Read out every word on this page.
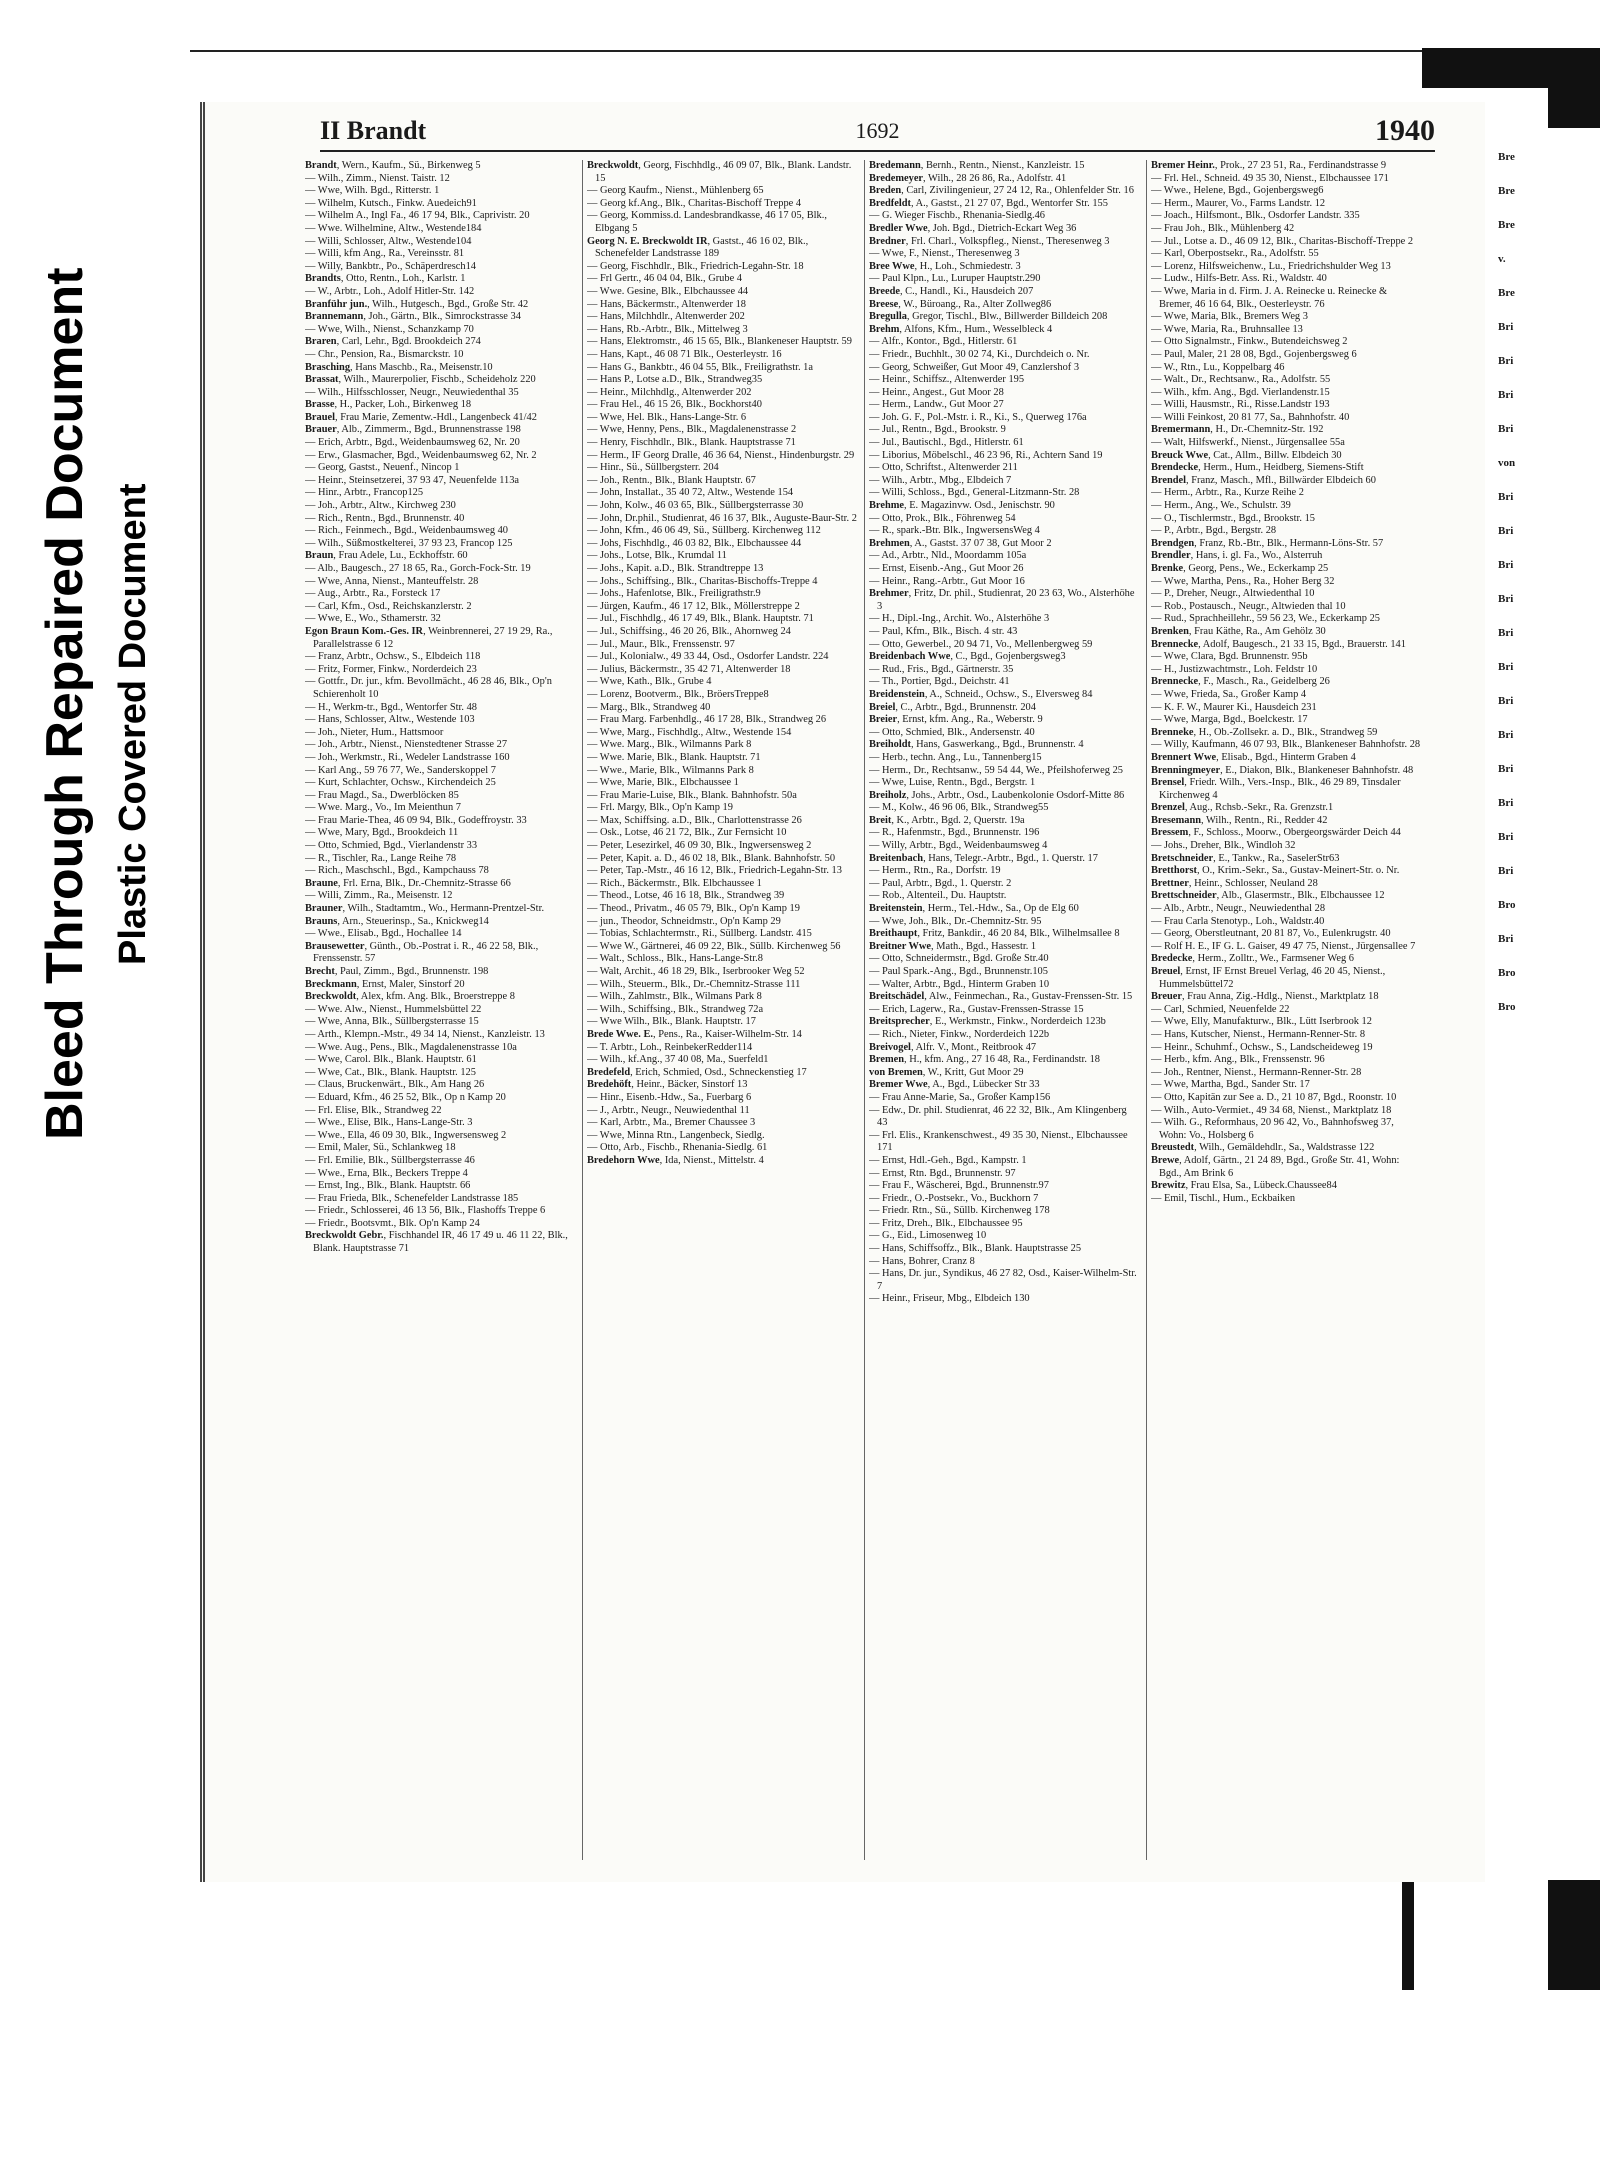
Bleed Through Repaired Document Plastic Covered Document
II Brandt	1692	1940

Brandt, Wern., Kaufm., Sü., Birkenweg 5

— Wilh., Zimm., Nienst. Taistr. 12

— Wwe, Wilh. Bgd., Ritterstr. 1

— Wilhelm, Kutsch., Finkw. Auedeich91

— Wilhelm A., Ingl Fa., 46 17 94, Blk., Caprivistr. 20

— Wwe. Wilhelmine, Altw., Westende184

— Willi, Schlosser, Altw., Westende104

— Willi, kfm Ang., Ra., Vereinsstr. 81

— Willy, Bankbtr., Po., Schäperdresch14

Brandts, Otto, Rentn., Loh., Karlstr. 1

— W., Arbtr., Loh., Adolf Hitler-Str. 142

Branführ jun., Wilh., Hutgesch., Bgd., Große Str. 42

Brannemann, Joh., Gärtn., Blk., Simrockstrasse 34

— Wwe, Wilh., Nienst., Schanzkamp 70

Braren, Carl, Lehr., Bgd. Brookdeich 274

— Chr., Pension, Ra., Bismarckstr. 10

Brasching, Hans Maschb., Ra., Meisenstr.10

Brassat, Wilh., Maurerpolier, Fischb., Scheideholz 220

— Wilh., Hilfsschlosser, Neugr., Neuwiedenthal 35

Brasse, H., Packer, Loh., Birkenweg 18

Brauel, Frau Marie, Zementw.-Hdl., Langenbeck 41/42

Brauer, Alb., Zimmerm., Bgd., Brunnenstrasse 198

— Erich, Arbtr., Bgd., Weidenbaumsweg 62, Nr. 20

— Erw., Glasmacher, Bgd., Weidenbaumsweg 62, Nr. 2

— Georg, Gastst., Neuenf., Nincop 1

— Heinr., Steinsetzerei, 37 93 47, Neuenfelde 113a

— Hinr., Arbtr., Francop125

— Joh., Arbtr., Altw., Kirchweg 230

— Rich., Rentn., Bgd., Brunnenstr. 40

— Rich., Feinmech., Bgd., Weidenbaumsweg 40

— Wilh., Süßmostkelterei, 37 93 23, Francop 125

Braun, Frau Adele, Lu., Eckhoffstr. 60

— Alb., Baugesch., 27 18 65, Ra., Gorch-Fock-Str. 19

— Wwe, Anna, Nienst., Manteuffelstr. 28

— Aug., Arbtr., Ra., Forsteck 17

— Carl, Kfm., Osd., Reichskanzlerstr. 2

— Wwe, E., Wo., Sthamerstr. 32

Egon Braun Kom.-Ges. IR, Weinbrennerei, 27 19 29, Ra., Parallelstrasse 6 12

— Franz, Arbtr., Ochsw., S., Elbdeich 118

— Fritz, Former, Finkw., Norderdeich 23

— Gottfr., Dr. jur., kfm. Bevollmächt., 46 28 46, Blk., Op'n Schierenholt 10

— H., Werkm-tr., Bgd., Wentorfer Str. 48

— Hans, Schlosser, Altw., Westende 103

— Joh., Nieter, Hum., Hattsmoor

— Joh., Arbtr., Nienst., Nienstedtener Strasse 27

— Joh., Werkmstr., Ri., Wedeler Landstrasse 160

— Karl Ang., 59 76 77, We., Sanderskoppel 7

— Kurt, Schlachter, Ochsw., Kirchendeich 25

— Frau Magd., Sa., Dwerblöcken 85

— Wwe. Marg., Vo., Im Meienthun 7

— Frau Marie-Thea, 46 09 94, Blk., Godeffroystr. 33

— Wwe, Mary, Bgd., Brookdeich 11

— Otto, Schmied, Bgd., Vierlandenstr 33

— R., Tischler, Ra., Lange Reihe 78

— Rich., Maschschl., Bgd., Kampchauss 78

Braune, Frl. Erna, Blk., Dr.-Chemnitz-Strasse 66

— Willi, Zimm., Ra., Meisenstr. 12

Brauner, Wilh., Stadtamtm., Wo., Hermann-Prentzel-Str.

Brauns, Arn., Steuerinsp., Sa., Knickweg14

— Wwe., Elisab., Bgd., Hochallee 14

Brausewetter, Günth., Ob.-Postrat i. R., 46 22 58, Blk., Frenssenstr. 57

Brecht, Paul, Zimm., Bgd., Brunnenstr. 198

Breckmann, Ernst, Maler, Sinstorf 20

Breckwoldt, Alex, kfm. Ang. Blk., Broerstreppe 8

— Wwe. Alw., Nienst., Hummelsbüttel 22

— Wwe, Anna, Blk., Süllbergsterrasse 15

— Arth., Klempn.-Mstr., 49 34 14, Nienst., Kanzleistr. 13

— Wwe. Aug., Pens., Blk., Magdalenenstrasse 10a

— Wwe, Carol. Blk., Blank. Hauptstr. 61

— Wwe, Cat., Blk., Blank. Hauptstr. 125

— Claus, Bruckenwärt., Blk., Am Hang 26

— Eduard, Kfm., 46 25 52, Blk., Op n Kamp 20

— Frl. Elise, Blk., Strandweg 22

— Wwe., Elise, Blk., Hans-Lange-Str. 3

— Wwe., Ella, 46 09 30, Blk., Ingwersensweg 2

— Emil, Maler, Sü., Schlankweg 18

— Frl. Emilie, Blk., Süllbergsterrasse 46

— Wwe., Erna, Blk., Beckers Treppe 4

— Ernst, Ing., Blk., Blank. Hauptstr. 66

— Frau Frieda, Blk., Schenefelder Landstrasse 185

— Friedr., Schlosserei, 46 13 56, Blk., Flashoffs Treppe 6

— Friedr., Bootsvmt., Blk. Op'n Kamp 24

Breckwoldt Gebr., Fischhandel IR, 46 17 49 u. 46 11 22, Blk., Blank. Hauptstrasse 71

Breckwoldt, Georg, Fischhdlg., 46 09 07, Blk., Blank. Landstr. 15

— Georg Kaufm., Nienst., Mühlenberg 65

— Georg kf.Ang., Blk., Charitas-Bischoff Treppe 4

— Georg, Kommiss.d. Landesbrandkasse, 46 17 05, Blk., Elbgang 5

Georg N. E. Breckwoldt IR, Gastst., 46 16 02, Blk., Schenefelder Landstrasse 189

— Georg, Fischhdlr., Blk., Friedrich-Legahn-Str. 18

— Frl Gertr., 46 04 04, Blk., Grube 4

— Wwe. Gesine, Blk., Elbchaussee 44

— Hans, Bäckermstr., Altenwerder 18

— Hans, Milchhdlr., Altenwerder 202

— Hans, Rb.-Arbtr., Blk., Mittelweg 3

— Hans, Elektromstr., 46 15 65, Blk., Blankeneser Hauptstr. 59

— Hans, Kapt., 46 08 71 Blk., Oesterleystr. 16

— Hans G., Bankbtr., 46 04 55, Blk., Freiligrathstr. 1a

— Hans P., Lotse a.D., Blk., Strandweg35

— Heinr., Milchhdlg., Altenwerder 202

— Frau Hel., 46 15 26, Blk., Bockhorst40

— Wwe, Hel. Blk., Hans-Lange-Str. 6

— Wwe, Henny, Pens., Blk., Magdalenenstrasse 2

— Henry, Fischhdlr., Blk., Blank. Hauptstrasse 71

— Herm., IF Georg Dralle, 46 36 64, Nienst., Hindenburgstr. 29

— Hinr., Sü., Süllbergsterr. 204

— Joh., Rentn., Blk., Blank Hauptstr. 67

— John, Installat., 35 40 72, Altw., Westende 154

— John, Kolw., 46 03 65, Blk., Süllbergsterrasse 30

— John, Dr.phil., Studienrat, 46 16 37, Blk., Auguste-Baur-Str. 2

— John, Kfm., 46 06 49, Sü., Süllberg. Kirchenweg 112

— Johs, Fischhdlg., 46 03 82, Blk., Elbchaussee 44

— Johs., Lotse, Blk., Krumdal 11

— Johs., Kapit. a.D., Blk. Strandtreppe 13

— Johs., Schiffsing., Blk., Charitas-Bischoffs-Treppe 4

— Johs., Hafenlotse, Blk., Freiligrathstr.9

— Jürgen, Kaufm., 46 17 12, Blk., Möllerstreppe 2

— Jul., Fischhdlg., 46 17 49, Blk., Blank. Hauptstr. 71

— Jul., Schiffsing., 46 20 26, Blk., Ahornweg 24

— Jul., Maur., Blk., Frenssenstr. 97

— Jul., Kolonialw., 49 33 44, Osd., Osdorfer Landstr. 224

— Julius, Bäckermstr., 35 42 71, Altenwerder 18

— Wwe, Kath., Blk., Grube 4

— Lorenz, Bootverm., Blk., BröersTreppe8

— Marg., Blk., Strandweg 40

— Frau Marg. Farbenhdlg., 46 17 28, Blk., Strandweg 26

— Wwe, Marg., Fischhdlg., Altw., Westende 154

— Wwe. Marg., Blk., Wilmanns Park 8

— Wwe. Marie, Blk., Blank. Hauptstr. 71

— Wwe., Marie, Blk., Wilmanns Park 8

— Wwe, Marie, Blk., Elbchaussee 1

— Frau Marie-Luise, Blk., Blank. Bahnhofstr. 50a

— Frl. Margy, Blk., Op'n Kamp 19

— Max, Schiffsing. a.D., Blk., Charlottenstrasse 26

— Osk., Lotse, 46 21 72, Blk., Zur Fernsicht 10

— Peter, Lesezirkel, 46 09 30, Blk., Ingwersensweg 2

— Peter, Kapit. a. D., 46 02 18, Blk., Blank. Bahnhofstr. 50

— Peter, Tap.-Mstr., 46 16 12, Blk., Friedrich-Legahn-Str. 13

— Rich., Bäckermstr., Blk. Elbchaussee 1

— Theod., Lotse, 46 16 18, Blk., Strandweg 39

— Theod., Privatm., 46 05 79, Blk., Op'n Kamp 19

— jun., Theodor, Schneidmstr., Op'n Kamp 29

— Tobias, Schlachtermstr., Ri., Süllberg. Landstr. 415

— Wwe W., Gärtnerei, 46 09 22, Blk., Süllb. Kirchenweg 56

— Walt., Schloss., Blk., Hans-Lange-Str.8

— Walt, Archit., 46 18 29, Blk., Iserbrooker Weg 52

— Wilh., Steuerm., Blk., Dr.-Chemnitz-Strasse 111

— Wilh., Zahlmstr., Blk., Wilmans Park 8

— Wilh., Schiffsing., Blk., Strandweg 72a

— Wwe Wilh., Blk., Blank. Hauptstr. 17

Brede Wwe. E., Pens., Ra., Kaiser-Wilhelm-Str. 14

— T. Arbtr., Loh., ReinbekerRedder114

— Wilh., kf.Ang., 37 40 08, Ma., Suerfeld1

Bredefeld, Erich, Schmied, Osd., Schneckenstieg 17

Bredehöft, Heinr., Bäcker, Sinstorf 13

— Hinr., Eisenb.-Hdw., Sa., Fuerbarg 6

— J., Arbtr., Neugr., Neuwiedenthal 11

— Karl, Arbtr., Ma., Bremer Chaussee 3

— Wwe, Minna Rtn., Langenbeck, Siedlg.

— Otto, Arb., Fischb., Rhenania-Siedlg. 61

Bredehorn Wwe, Ida, Nienst., Mittelstr. 4

Bredemann, Bernh., Rentn., Nienst., Kanzleistr. 15

Bredemeyer, Wilh., 28 26 86, Ra., Adolfstr. 41

Breden, Carl, Zivilingenieur, 27 24 12, Ra., Ohlenfelder Str. 16

Bredfeldt, A., Gastst., 21 27 07, Bgd., Wentorfer Str. 155

— G. Wieger Fischb., Rhenania-Siedlg.46

Bredler Wwe, Joh. Bgd., Dietrich-Eckart Weg 36

Bredner, Frl. Charl., Volkspfleg., Nienst., Theresenweg 3

— Wwe, F., Nienst., Theresenweg 3

Bree Wwe, H., Loh., Schmiedestr. 3

— Paul Klpn., Lu., Luruper Hauptstr.290

Breede, C., Handl., Ki., Hausdeich 207

Breese, W., Büroang., Ra., Alter Zollweg86

Bregulla, Gregor, Tischl., Blw., Billwerder Billdeich 208

Brehm, Alfons, Kfm., Hum., Wesselbleck 4

— Alfr., Kontor., Bgd., Hitlerstr. 61

— Friedr., Buchhlt., 30 02 74, Ki., Durchdeich o. Nr.

— Georg, Schweißer, Gut Moor 49, Canzlershof 3

— Heinr., Schiffsz., Altenwerder 195

— Heinr., Angest., Gut Moor 28

— Herm., Landw., Gut Moor 27

— Joh. G. F., Pol.-Mstr. i. R., Ki., S., Querweg 176a

— Jul., Rentn., Bgd., Brookstr. 9

— Jul., Bautischl., Bgd., Hitlerstr. 61

— Liborius, Möbelschl., 46 23 96, Ri., Achtern Sand 19

— Otto, Schriftst., Altenwerder 211

— Wilh., Arbtr., Mbg., Elbdeich 7

— Willi, Schloss., Bgd., General-Litzmann-Str. 28

Brehme, E. Magazinvw. Osd., Jenischstr. 90

— Otto, Prok., Blk., Föhrenweg 54

— R., spark.-Btr. Blk., IngwersensWeg 4

Brehmen, A., Gastst. 37 07 38, Gut Moor 2

— Ad., Arbtr., Nld., Moordamm 105a

— Ernst, Eisenb.-Ang., Gut Moor 26

— Heinr., Rang.-Arbtr., Gut Moor 16

Brehmer, Fritz, Dr. phil., Studienrat, 20 23 63, Wo., Alsterhöhe 3

— H., Dipl.-Ing., Archit. Wo., Alsterhöhe 3

— Paul, Kfm., Blk., Bisch. 4 str. 43

— Otto, Gewerbel., 20 94 71, Vo., Mellenbergweg 59

Breidenbach Wwe, C., Bgd., Gojenbergsweg3

— Rud., Fris., Bgd., Gärtnerstr. 35

— Th., Portier, Bgd., Deichstr. 41

Breidenstein, A., Schneid., Ochsw., S., Elversweg 84

Breiel, C., Arbtr., Bgd., Brunnenstr. 204

Breier, Ernst, kfm. Ang., Ra., Weberstr. 9

— Otto, Schmied, Blk., Andersenstr. 40

Breiholdt, Hans, Gaswerkang., Bgd., Brunnenstr. 4

— Herb., techn. Ang., Lu., Tannenberg15

— Herm., Dr., Rechtsanw., 59 54 44, We., Pfeilshoferweg 25

— Wwe, Luise, Rentn., Bgd., Bergstr. 1

Breiholz, Johs., Arbtr., Osd., Laubenkolonie Osdorf-Mitte 86

— M., Kolw., 46 96 06, Blk., Strandweg55

Breit, K., Arbtr., Bgd. 2, Querstr. 19a

— R., Hafenmstr., Bgd., Brunnenstr. 196

— Willy, Arbtr., Bgd., Weidenbaumsweg 4

Breitenbach, Hans, Telegr.-Arbtr., Bgd., 1. Querstr. 17

— Herm., Rtn., Ra., Dorfstr. 19

— Paul, Arbtr., Bgd., 1. Querstr. 2

— Rob., Altenteil., Du. Hauptstr.

Breitenstein, Herm., Tel.-Hdw., Sa., Op de Elg 60

— Wwe, Joh., Blk., Dr.-Chemnitz-Str. 95

Breithaupt, Fritz, Bankdir., 46 20 84, Blk., Wilhelmsallee 8

Breitner Wwe, Math., Bgd., Hassestr. 1

— Otto, Schneidermstr., Bgd. Große Str.40

— Paul Spark.-Ang., Bgd., Brunnenstr.105

— Walter, Arbtr., Bgd., Hinterm Graben 10

Breitschädel, Alw., Feinmechan., Ra., Gustav-Frenssen-Str. 15

— Erich, Lagerw., Ra., Gustav-Frenssen-Strasse 15

Breitsprecher, E., Werkmstr., Finkw., Norderdeich 123b

— Rich., Nieter, Finkw., Norderdeich 122b

Breivogel, Alfr. V., Mont., Reitbrook 47

Bremen, H., kfm. Ang., 27 16 48, Ra., Ferdinandstr. 18

von Bremen, W., Kritt, Gut Moor 29

Bremer Wwe, A., Bgd., Lübecker Str 33

— Frau Anne-Marie, Sa., Großer Kamp156

— Edw., Dr. phil. Studienrat, 46 22 32, Blk., Am Klingenberg 43

— Frl. Elis., Krankenschwest., 49 35 30, Nienst., Elbchaussee 171

— Ernst, Hdl.-Geh., Bgd., Kampstr. 1

— Ernst, Rtn. Bgd., Brunnenstr. 97

— Frau F., Wäscherei, Bgd., Brunnenstr.97

— Friedr., O.-Postsekr., Vo., Buckhorn 7

— Friedr. Rtn., Sü., Süllb. Kirchenweg 178

— Fritz, Dreh., Blk., Elbchaussee 95

— G., Eid., Limosenweg 10

— Hans, Schiffsoffz., Blk., Blank. Hauptstrasse 25

— Hans, Bohrer, Cranz 8

— Hans, Dr. jur., Syndikus, 46 27 82, Osd., Kaiser-Wilhelm-Str. 7

— Heinr., Friseur, Mbg., Elbdeich 130

Bremer Heinr., Prok., 27 23 51, Ra., Ferdinandstrasse 9

— Frl. Hel., Schneid. 49 35 30, Nienst., Elbchaussee 171

— Wwe., Helene, Bgd., Gojenbergsweg6

— Herm., Maurer, Vo., Farms Landstr. 12

— Joach., Hilfsmont., Blk., Osdorfer Landstr. 335

— Frau Joh., Blk., Mühlenberg 42

— Jul., Lotse a. D., 46 09 12, Blk., Charitas-Bischoff-Treppe 2

— Karl, Oberpostsekr., Ra., Adolfstr. 55

— Lorenz, Hilfsweichenw., Lu., Friedrichshulder Weg 13

— Ludw., Hilfs-Betr. Ass. Ri., Waldstr. 40

— Wwe, Maria in d. Firm. J. A. Reinecke u. Reinecke & Bremer, 46 16 64, Blk., Oesterleystr. 76

— Wwe, Maria, Blk., Bremers Weg 3

— Wwe, Maria, Ra., Bruhnsallee 13

— Otto Signalmstr., Finkw., Butendeichsweg 2

— Paul, Maler, 21 28 08, Bgd., Gojenbergsweg 6

— W., Rtn., Lu., Koppelbarg 46

— Walt., Dr., Rechtsanw., Ra., Adolfstr. 55

— Wilh., kfm. Ang., Bgd. Vierlandenstr.15

— Willi, Hausmstr., Ri., Risse.Landstr 193

— Willi Feinkost, 20 81 77, Sa., Bahnhofstr. 40

Bremermann, H., Dr.-Chemnitz-Str. 192

— Walt, Hilfswerkf., Nienst., Jürgensallee 55a

Breuck Wwe, Cat., Allm., Billw. Elbdeich 30

Brendecke, Herm., Hum., Heidberg, Siemens-Stift

Brendel, Franz, Masch., Mfl., Billwärder Elbdeich 60

— Herm., Arbtr., Ra., Kurze Reihe 2

— Herm., Ang., We., Schulstr. 39

— O., Tischlermstr., Bgd., Brookstr. 15

— P., Arbtr., Bgd., Bergstr. 28

Brendgen, Franz, Rb.-Btr., Blk., Hermann-Löns-Str. 57

Brendler, Hans, i. gl. Fa., Wo., Alsterruh

Brenke, Georg, Pens., We., Eckerkamp 25

— Wwe, Martha, Pens., Ra., Hoher Berg 32

— P., Dreher, Neugr., Altwiedenthal 10

— Rob., Postausch., Neugr., Altwieden thal 10

— Rud., Sprachheillehr., 59 56 23, We., Eckerkamp 25

Brenken, Frau Käthe, Ra., Am Gehölz 30

Brennecke, Adolf, Baugesch., 21 33 15, Bgd., Brauerstr. 141

— Wwe, Clara, Bgd. Brunnenstr. 95b

— H., Justizwachtmstr., Loh. Feldstr 10

Brennecke, F., Masch., Ra., Geidelberg 26

— Wwe, Frieda, Sa., Großer Kamp 4

— K. F. W., Maurer Ki., Hausdeich 231

— Wwe, Marga, Bgd., Boelckestr. 17

Brenneke, H., Ob.-Zollsekr. a. D., Blk., Strandweg 59

— Willy, Kaufmann, 46 07 93, Blk., Blankeneser Bahnhofstr. 28

Brennert Wwe, Elisab., Bgd., Hinterm Graben 4

Brenningmeyer, E., Diakon, Blk., Blankeneser Bahnhofstr. 48

Brensel, Friedr. Wilh., Vers.-Insp., Blk., 46 29 89, Tinsdaler Kirchenweg 4

Brenzel, Aug., Rchsb.-Sekr., Ra. Grenzstr.1

Bresemann, Wilh., Rentn., Ri., Redder 42

Bressem, F., Schloss., Moorw., Obergeorgswärder Deich 44

— Johs., Dreher, Blk., Windloh 32

Bretschneider, E., Tankw., Ra., SaselerStr63

Bretthorst, O., Krim.-Sekr., Sa., Gustav-Meinert-Str. o. Nr.

Brettner, Heinr., Schlosser, Neuland 28

Brettschneider, Alb., Glasermstr., Blk., Elbchaussee 12

— Alb., Arbtr., Neugr., Neuwiedenthal 28

— Frau Carla Stenotyp., Loh., Waldstr.40

— Georg, Oberstleutnant, 20 81 87, Vo., Eulenkrugstr. 40

— Rolf H. E., IF G. L. Gaiser, 49 47 75, Nienst., Jürgensallee 7

Bredecke, Herm., Zolltr., We., Farmsener Weg 6

Breuel, Ernst, IF Ernst Breuel Verlag, 46 20 45, Nienst., Hummelsbüttel72

Breuer, Frau Anna, Zig.-Hdlg., Nienst., Marktplatz 18

— Carl, Schmied, Neuenfelde 22

— Wwe, Elly, Manufakturw., Blk., Lütt Iserbrook 12

— Hans, Kutscher, Nienst., Hermann-Renner-Str. 8

— Heinr., Schuhmf., Ochsw., S., Landscheideweg 19

— Herb., kfm. Ang., Blk., Frenssenstr. 96

— Joh., Rentner, Nienst., Hermann-Renner-Str. 28

— Wwe, Martha, Bgd., Sander Str. 17

— Otto, Kapitän zur See a. D., 21 10 87, Bgd., Roonstr. 10

— Wilh., Auto-Vermiet., 49 34 68, Nienst., Marktplatz 18

— Wilh. G., Reformhaus, 20 96 42, Vo., Bahnhofsweg 37, Wohn: Vo., Holsberg 6

Breustedt, Wilh., Gemäldehdlr., Sa., Waldstrasse 122

Brewe, Adolf, Gärtn., 21 24 89, Bgd., Große Str. 41, Wohn: Bgd., Am Brink 6

Brewitz, Frau Elsa, Sa., Lübeck.Chaussee84

— Emil, Tischl., Hum., Eckbaiken

Bre
Bre
Bre
v.
Bre
Bri
Bri
Bri
Bri
von
Bri
Bri
Bri
Bri
Bri
Bri
Bri
Bri
Bri
Bri
Bri
Bri
Bro
Bri
Bro
Bro
